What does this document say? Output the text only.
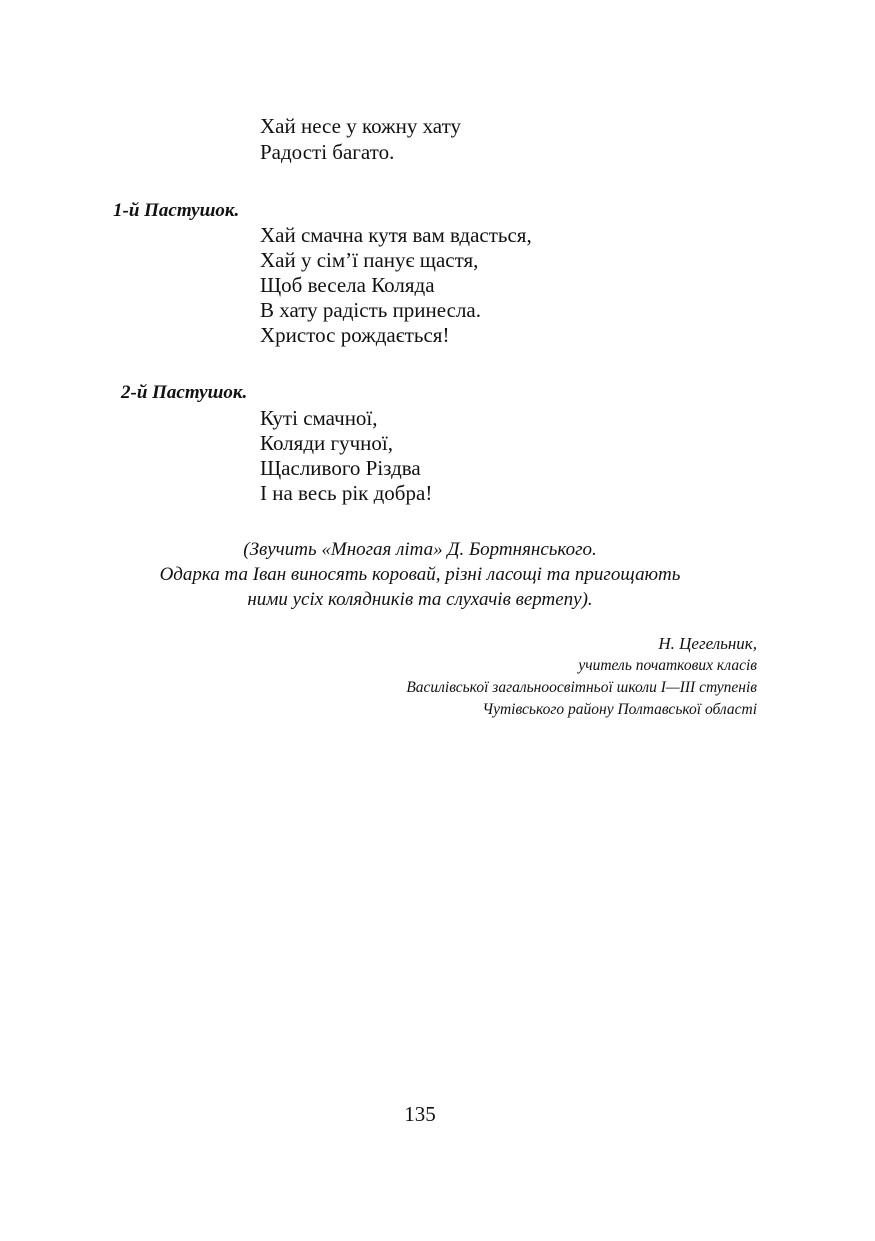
Хай несе у кожну хату
Радості багато.
1-й Пастушок.
Хай смачна кутя вам вдасться,
Хай у сім’ї панує щастя,
Щоб весела Коляда
В хату радість принесла.
Христос рождається!
2-й Пастушок.
Куті смачної,
Коляди гучної,
Щасливого Різдва
І на весь рік добра!
(Звучить «Многая літа» Д. Бортнянського.
Одарка та Іван виносять коровай, різні ласощі та пригощають
ними усіх колядників та слухачів вертепу).
Н. Цегельник,
учитель початкових класів
Василівської загальноосвітньої школи І—ІІІ ступенів
Чутівського району Полтавської області
135
